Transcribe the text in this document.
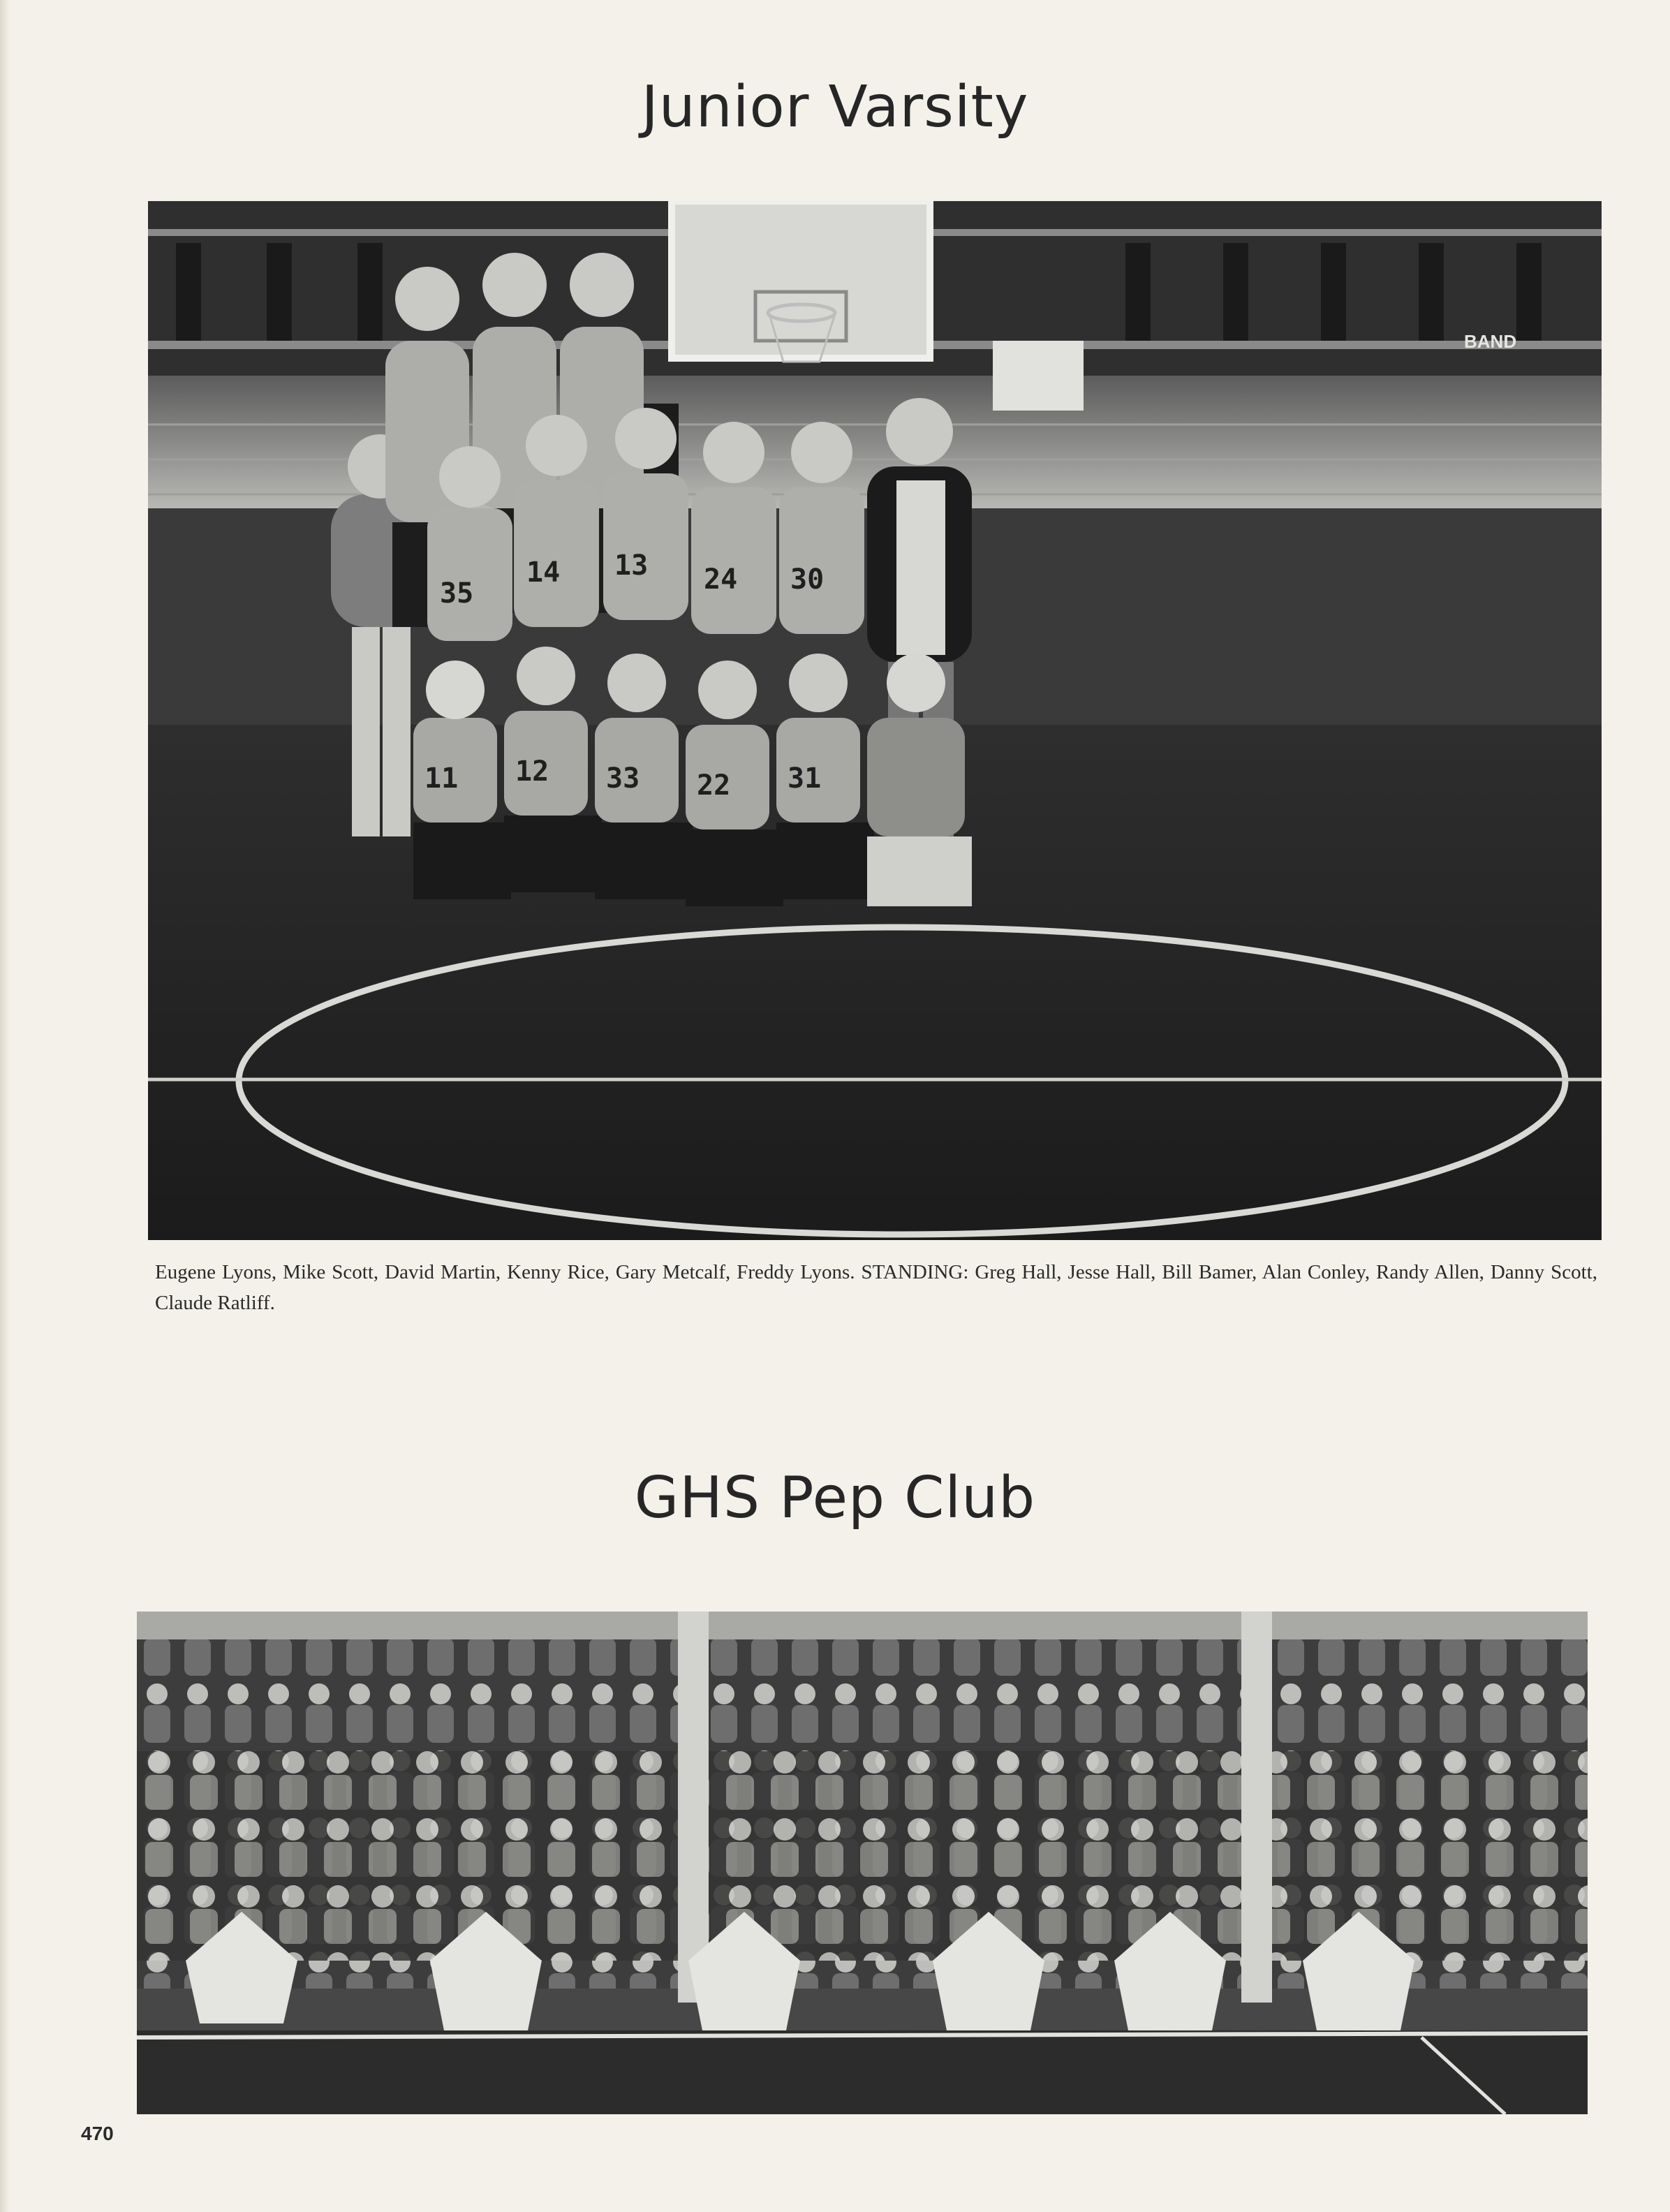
Junior Varsity
BAND
35
14 13 24 30
11 12 33 22 31

Eugene Lyons, Mike Scott, David Martin, Kenny Rice, Gary Metcalf, Freddy Lyons. STANDING: Greg Hall, Jesse Hall, Bill Bamer, Alan Conley, Randy Allen, Danny Scott, Claude Ratliff.

GHS Pep Club
470
